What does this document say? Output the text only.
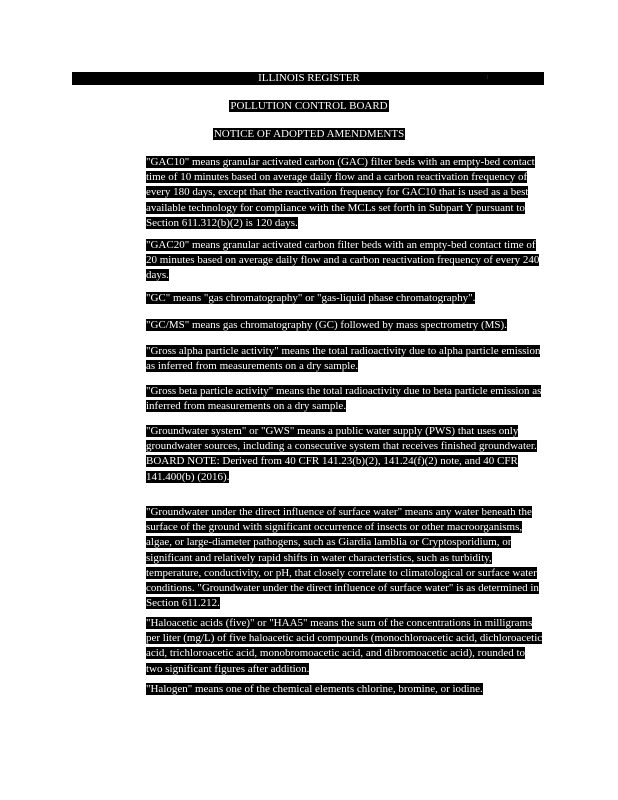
ILLINOIS REGISTER	1
POLLUTION CONTROL BOARD
NOTICE OF ADOPTED AMENDMENTS

"GAC10" means granular activated carbon (GAC) filter beds with an empty-bed contact time of 10 minutes based on average daily flow and a carbon reactivation frequency of every 180 days, except that the reactivation frequency for GAC10 that is used as a best available technology for compliance with the MCLs set forth in Subpart Y pursuant to Section 611.312(b)(2) is 120 days.

"GAC20" means granular activated carbon filter beds with an empty-bed contact time of 20 minutes based on average daily flow and a carbon reactivation frequency of every 240 days.

"GC" means "gas chromatography" or "gas-liquid phase chromatography".

"GC/MS" means gas chromatography (GC) followed by mass spectrometry (MS).

"Gross alpha particle activity" means the total radioactivity due to alpha particle emission as inferred from measurements on a dry sample.

"Gross beta particle activity" means the total radioactivity due to beta particle emission as inferred from measurements on a dry sample.

"Groundwater system" or "GWS" means a public water supply (PWS) that uses only groundwater sources, including a consecutive system that receives finished groundwater.
BOARD NOTE: Derived from 40 CFR 141.23(b)(2), 141.24(f)(2) note, and 40 CFR 141.400(b) (2016).

"Groundwater under the direct influence of surface water" means any water beneath the surface of the ground with significant occurrence of insects or other macroorganisms, algae, or large-diameter pathogens, such as Giardia lamblia or Cryptosporidium, or significant and relatively rapid shifts in water characteristics, such as turbidity, temperature, conductivity, or pH, that closely correlate to climatological or surface water conditions. "Groundwater under the direct influence of surface water" is as determined in Section 611.212.

"Haloacetic acids (five)" or "HAA5" means the sum of the concentrations in milligrams per liter (mg/L) of five haloacetic acid compounds (monochloroacetic acid, dichloroacetic acid, trichloroacetic acid, monobromoacetic acid, and dibromoacetic acid), rounded to two significant figures after addition.

"Halogen" means one of the chemical elements chlorine, bromine, or iodine.
